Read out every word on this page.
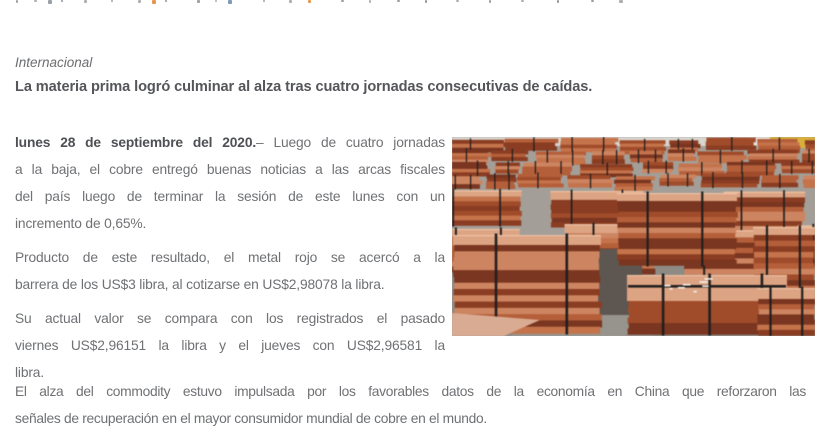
Internacional
La materia prima logró culminar al alza tras cuatro jornadas consecutivas de caídas.
lunes 28 de septiembre del 2020.– Luego de cuatro jornadas
a la baja, el cobre entregó buenas noticias a las arcas fiscales
del país luego de terminar la sesión de este lunes con un
incremento de 0,65%.
Producto de este resultado, el metal rojo se acercó a la
barrera de los US$3 libra, al cotizarse en US$2,98078 la libra.
Su actual valor se compara con los registrados el pasado
viernes US$2,96151 la libra y el jueves con US$2,96581 la
libra.
El alza del commodity estuvo impulsada por los favorables datos de la economía en China que reforzaron las
señales de recuperación en el mayor consumidor mundial de cobre en el mundo.
